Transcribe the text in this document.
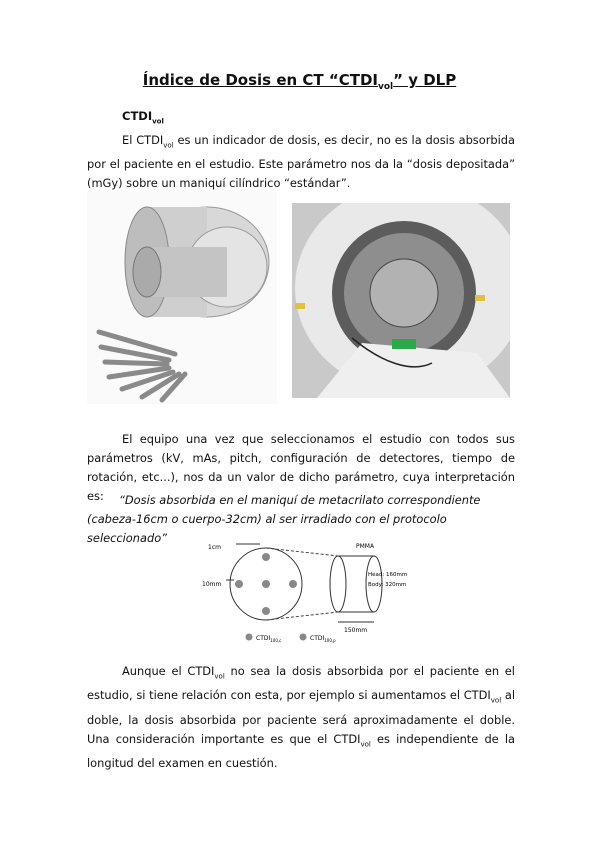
Índice de Dosis en CT “$CTDI_{vol}$” y DLP
$CTDI_{vol}$
El $CTDI_{vol}$ es un indicador de dosis, es decir, no es la dosis absorbida por el paciente en el estudio. Este parámetro nos da la “dosis depositada” (mGy) sobre un maniquí cilíndrico “estándar”.
El equipo una vez que seleccionamos el estudio con todos sus parámetros (kV, mAs, pitch, configuración de detectores, tiempo de rotación, etc...), nos da un valor de dicho parámetro, cuya interpretación es:	“Dosis absorbida en el maniquí de metacrilato correspondiente (cabeza-16cm o cuerpo-32cm) al ser irradiado con el protocolo seleccionado”
1cm
10mm
PMMA
Head: 160mm
Body: 320mm
150mm
$CTDI_{100,c}$	$CTDI_{100,p}$
Aunque el $CTDI_{vol}$ no sea la dosis absorbida por el paciente en el estudio, si tiene relación con esta, por ejemplo si aumentamos el $CTDI_{vol}$ al doble, la dosis absorbida por paciente será aproximadamente el doble. Una consideración importante es que el $CTDI_{vol}$ es independiente de la longitud del examen en cuestión.
